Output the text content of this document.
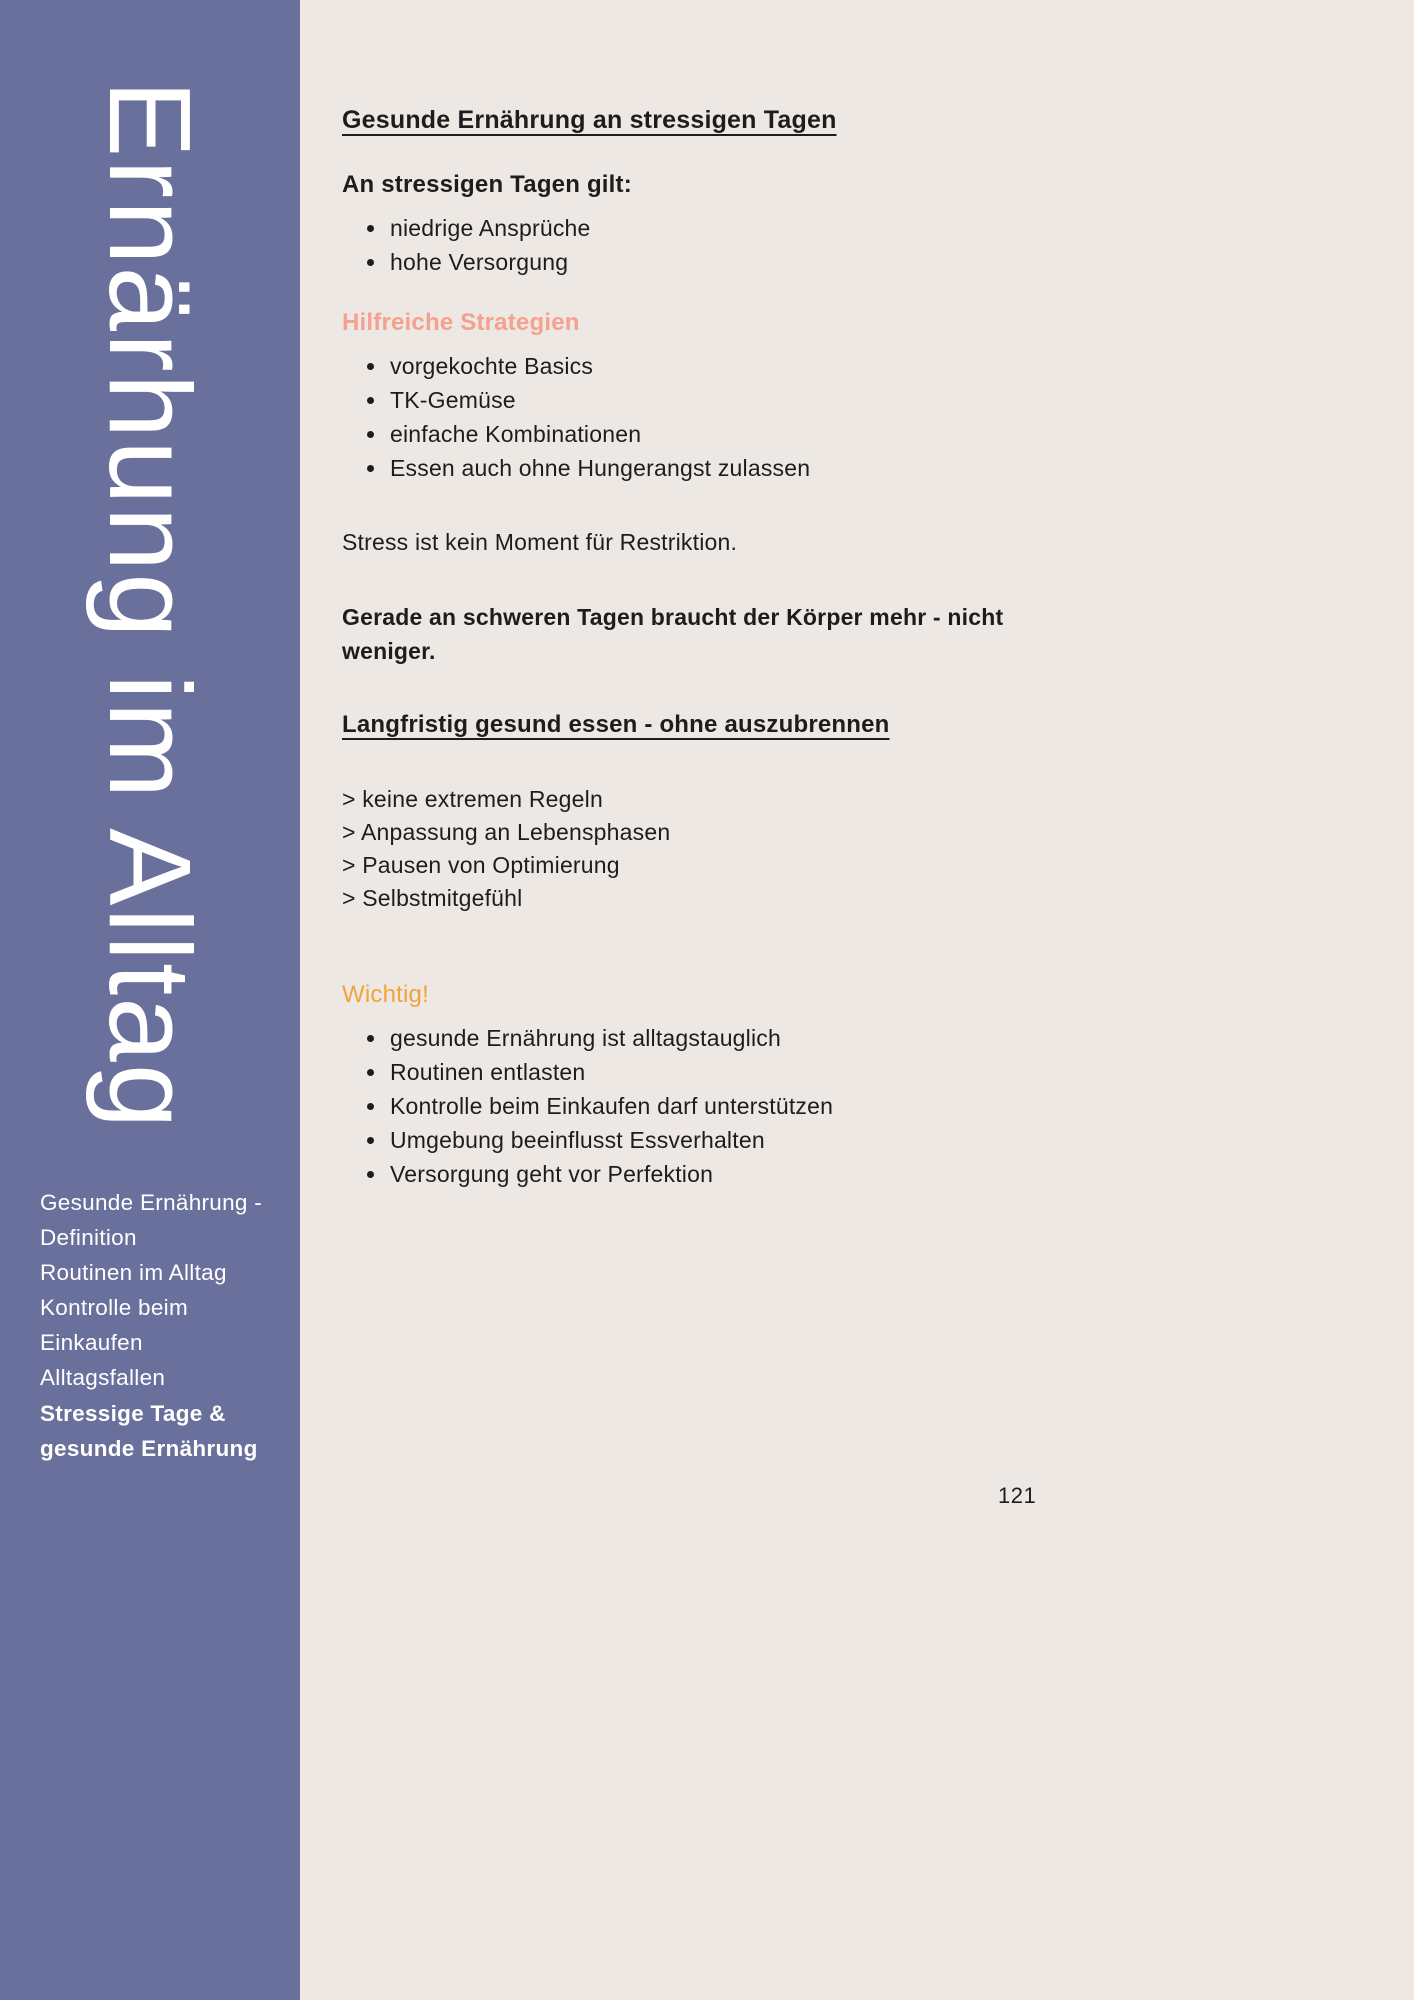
Ernärhung im Alltag
Gesunde Ernährung - Definition
Routinen im Alltag
Kontrolle beim Einkaufen
Alltagsfallen
Stressige Tage & gesunde Ernährung
Gesunde Ernährung an stressigen Tagen
An stressigen Tagen gilt:
• niedrige Ansprüche
• hohe Versorgung
Hilfreiche Strategien
• vorgekochte Basics
• TK-Gemüse
• einfache Kombinationen
• Essen auch ohne Hungerangst zulassen

Stress ist kein Moment für Restriktion.

Gerade an schweren Tagen braucht der Körper mehr - nicht weniger.

Langfristig gesund essen - ohne auszubrennen
> keine extremen Regeln
> Anpassung an Lebensphasen
> Pausen von Optimierung
> Selbstmitgefühl
Wichtig!
• gesunde Ernährung ist alltagstauglich
• Routinen entlasten
• Kontrolle beim Einkaufen darf unterstützen
• Umgebung beeinflusst Essverhalten
• Versorgung geht vor Perfektion
121
